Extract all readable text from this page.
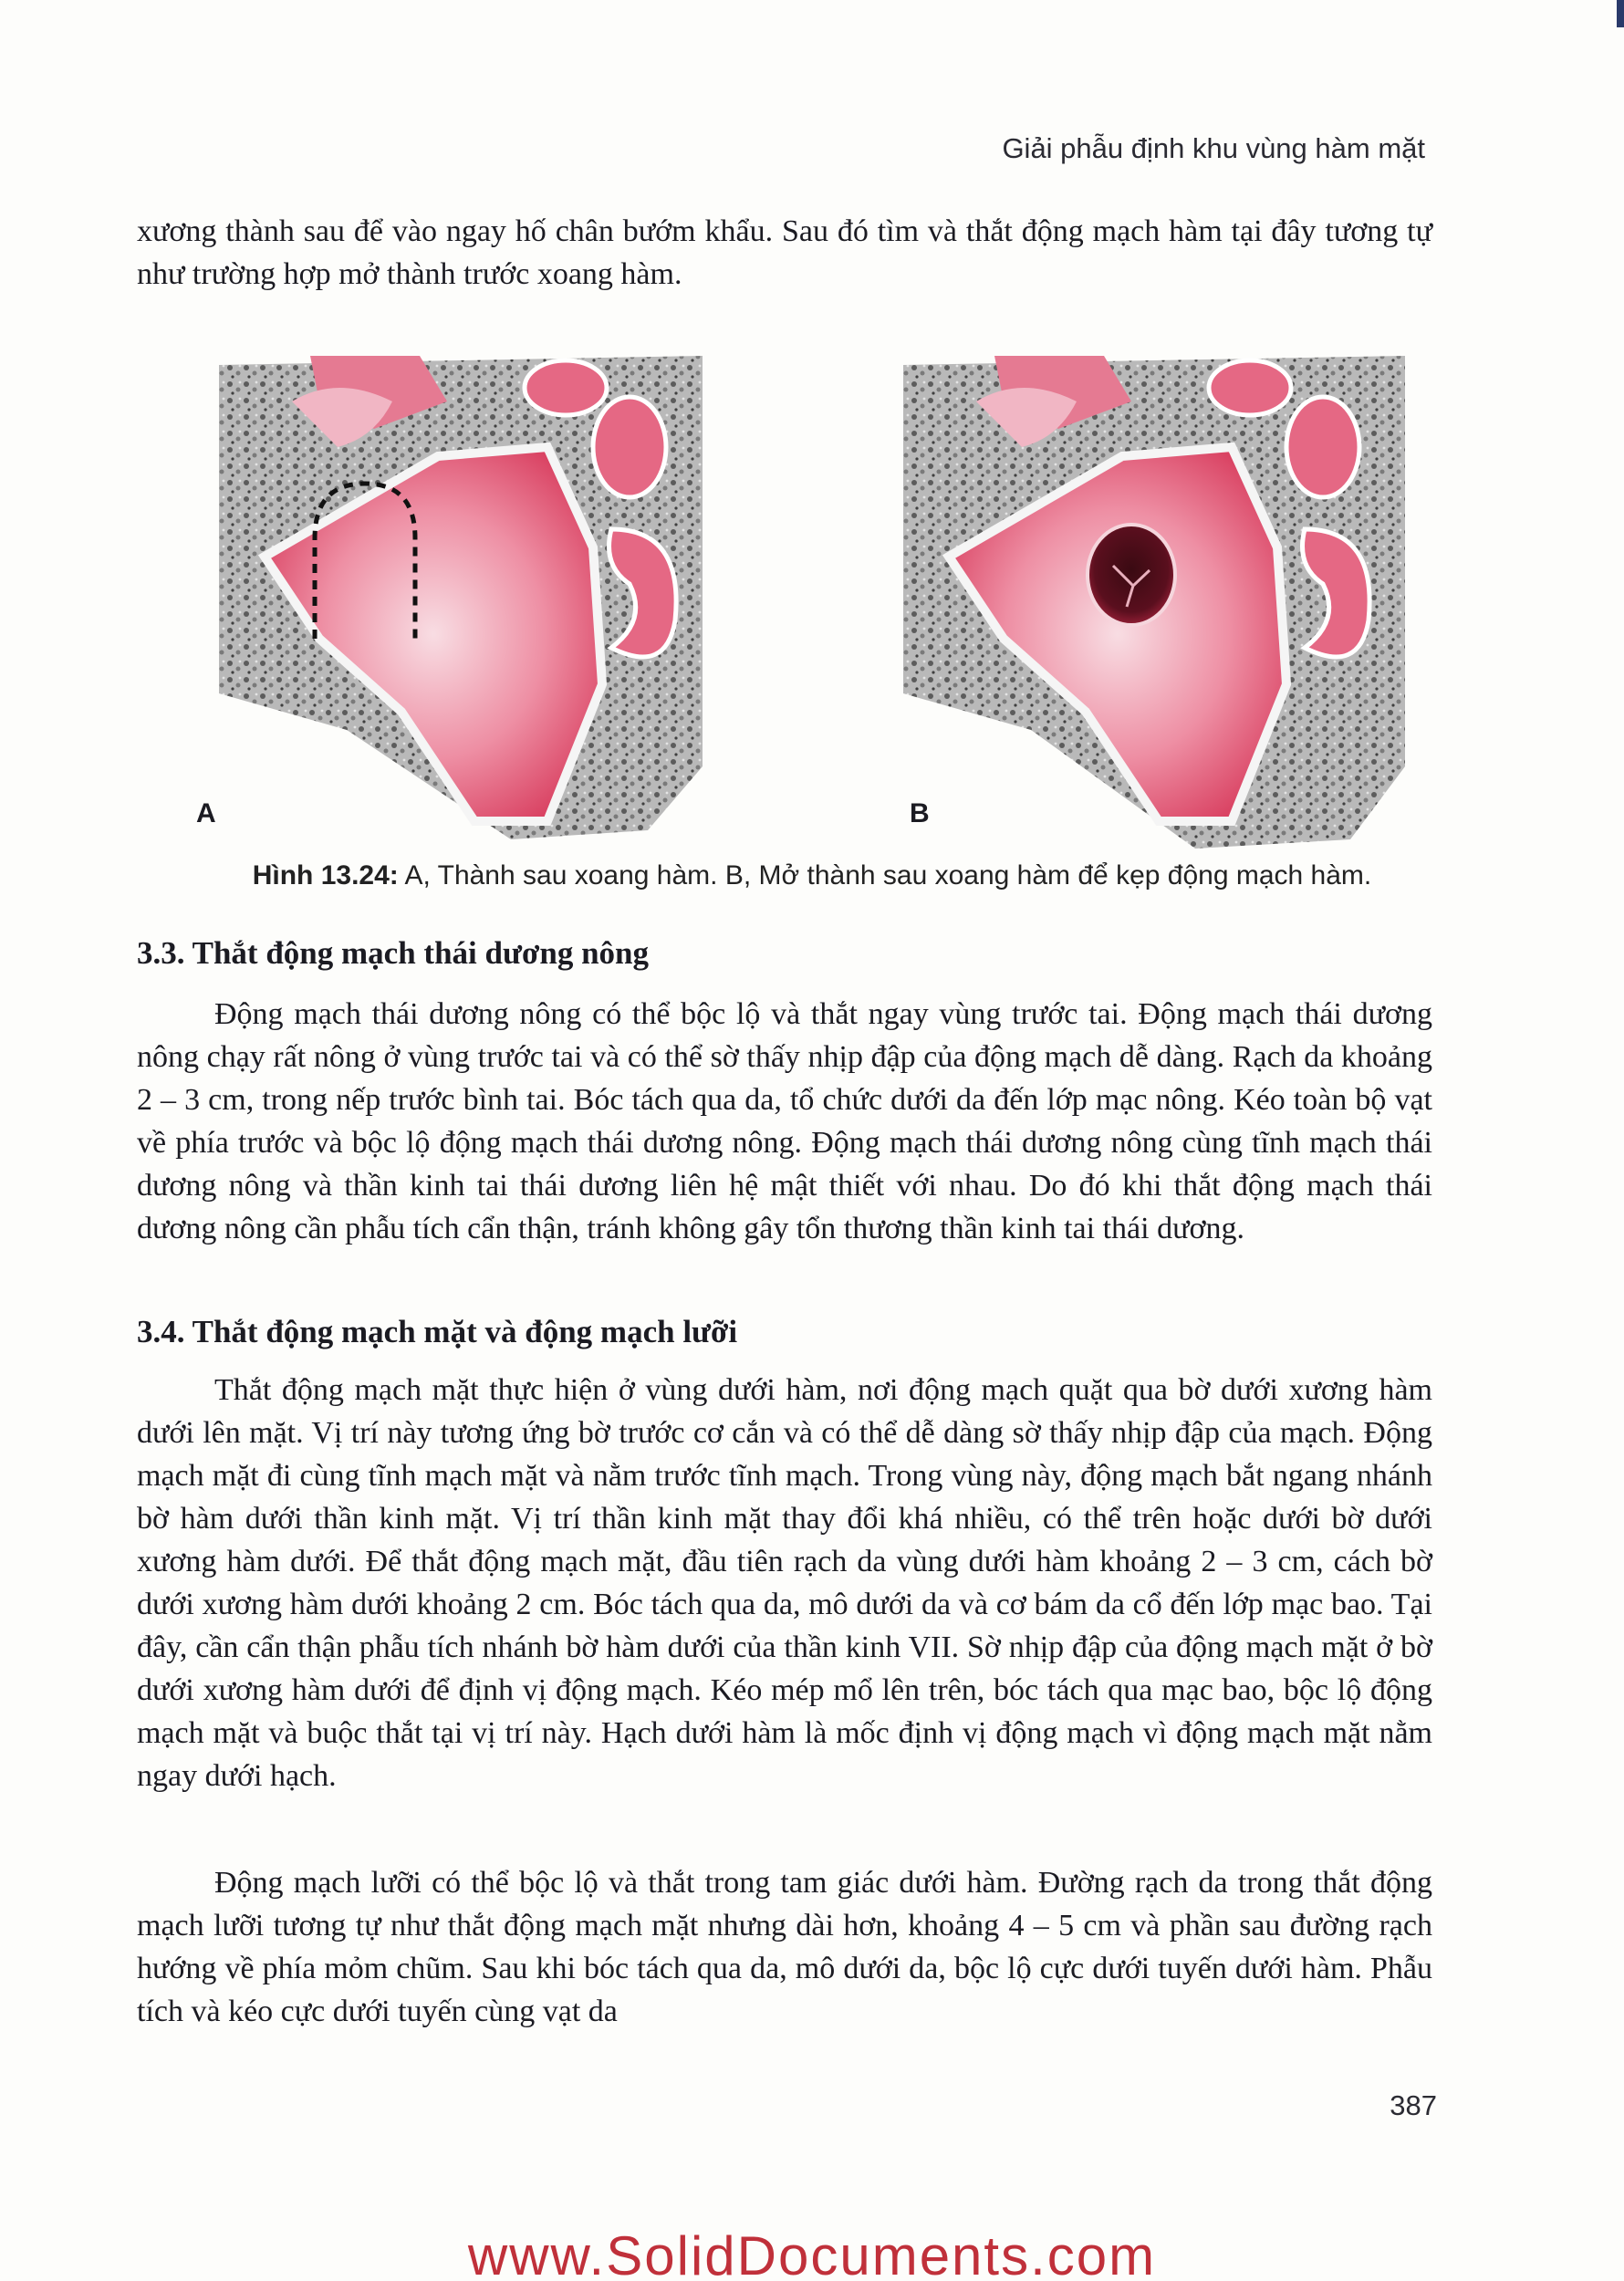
Giải phẫu định khu vùng hàm mặt

xương thành sau để vào ngay hố chân bướm khẩu. Sau đó tìm và thắt động mạch hàm tại đây tương tự như trường hợp mở thành trước xoang hàm.

A	B
Hình 13.24: A, Thành sau xoang hàm. B, Mở thành sau xoang hàm để kẹp động mạch hàm.
3.3. Thắt động mạch thái dương nông

Động mạch thái dương nông có thể bộc lộ và thắt ngay vùng trước tai. Động mạch thái dương nông chạy rất nông ở vùng trước tai và có thể sờ thấy nhịp đập của động mạch dễ dàng. Rạch da khoảng 2 – 3 cm, trong nếp trước bình tai. Bóc tách qua da, tổ chức dưới da đến lớp mạc nông. Kéo toàn bộ vạt về phía trước và bộc lộ động mạch thái dương nông. Động mạch thái dương nông cùng tĩnh mạch thái dương nông và thần kinh tai thái dương liên hệ mật thiết với nhau. Do đó khi thắt động mạch thái dương nông cần phẫu tích cẩn thận, tránh không gây tổn thương thần kinh tai thái dương.

3.4. Thắt động mạch mặt và động mạch lưỡi

Thắt động mạch mặt thực hiện ở vùng dưới hàm, nơi động mạch quặt qua bờ dưới xương hàm dưới lên mặt. Vị trí này tương ứng bờ trước cơ cắn và có thể dễ dàng sờ thấy nhịp đập của mạch. Động mạch mặt đi cùng tĩnh mạch mặt và nằm trước tĩnh mạch. Trong vùng này, động mạch bắt ngang nhánh bờ hàm dưới thần kinh mặt. Vị trí thần kinh mặt thay đổi khá nhiều, có thể trên hoặc dưới bờ dưới xương hàm dưới. Để thắt động mạch mặt, đầu tiên rạch da vùng dưới hàm khoảng 2 – 3 cm, cách bờ dưới xương hàm dưới khoảng 2 cm. Bóc tách qua da, mô dưới da và cơ bám da cổ đến lớp mạc bao. Tại đây, cần cẩn thận phẫu tích nhánh bờ hàm dưới của thần kinh VII. Sờ nhịp đập của động mạch mặt ở bờ dưới xương hàm dưới để định vị động mạch. Kéo mép mổ lên trên, bóc tách qua mạc bao, bộc lộ động mạch mặt và buộc thắt tại vị trí này. Hạch dưới hàm là mốc định vị động mạch vì động mạch mặt nằm ngay dưới hạch.

Động mạch lưỡi có thể bộc lộ và thắt trong tam giác dưới hàm. Đường rạch da trong thắt động mạch lưỡi tương tự như thắt động mạch mặt nhưng dài hơn, khoảng 4 – 5 cm và phần sau đường rạch hướng về phía mỏm chũm. Sau khi bóc tách qua da, mô dưới da, bộc lộ cực dưới tuyến dưới hàm. Phẫu tích và kéo cực dưới tuyến cùng vạt da

387
www.SolidDocuments.com
